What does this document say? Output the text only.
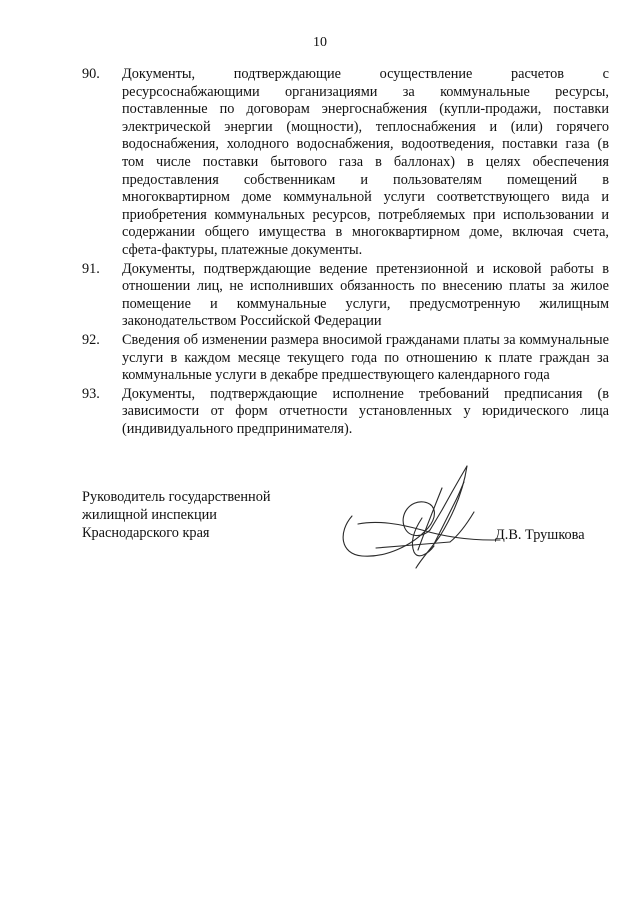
10
90.	Документы, подтверждающие осуществление расчетов с ресурсоснабжающими организациями за коммунальные ресурсы, поставленные по договорам энергоснабжения (купли-продажи, поставки электрической энергии (мощности), теплоснабжения и (или) горячего водоснабжения, холодного водоснабжения, водоотведения, поставки газа (в том числе поставки бытового газа в баллонах) в целях обеспечения предоставления собственникам и пользователям помещений в многоквартирном доме коммунальной услуги соответствующего вида и приобретения коммунальных ресурсов, потребляемых при использовании и содержании общего имущества в многоквартирном доме, включая счета, сфета-фактуры, платежные документы.
91.	Документы, подтверждающие ведение претензионной и исковой работы в отношении лиц, не исполнивших обязанность по внесению платы за жилое помещение и коммунальные услуги, предусмотренную жилищным законодательством Российской Федерации
92.	Сведения об изменении размера вносимой гражданами платы за коммунальные услуги в каждом месяце текущего года по отношению к плате граждан за коммунальные услуги в декабре предшествующего календарного года
93.	Документы, подтверждающие исполнение требований предписания (в зависимости от форм отчетности установленных у юридического лица (индивидуального предпринимателя).
Руководитель государственной
жилищной инспекции
Краснодарского края	Д.В. Трушкова
